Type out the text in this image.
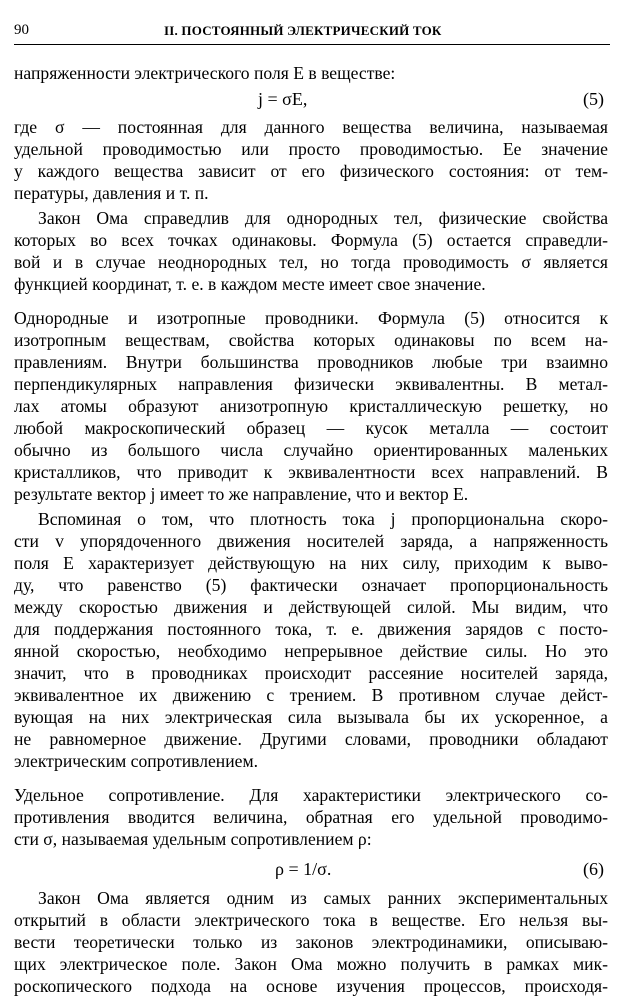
90	II. ПОСТОЯННЫЙ ЭЛЕКТРИЧЕСКИЙ ТОК
напряженности электрического поля E в веществе:
j = σE,	(5)
где σ — постоянная для данного вещества величина, называемая
удельной проводимостью или просто проводимостью. Ее значение
у каждого вещества зависит от его физического состояния: от тем-
пературы, давления и т. п.
Закон Ома справедлив для однородных тел, физические свойства
которых во всех точках одинаковы. Формула (5) остается справедли-
вой и в случае неоднородных тел, но тогда проводимость σ является
функцией координат, т. е. в каждом месте имеет свое значение.
Однородные и изотропные проводники. Формула (5) относится к
изотропным веществам, свойства которых одинаковы по всем на-
правлениям. Внутри большинства проводников любые три взаимно
перпендикулярных направления физически эквивалентны. В метал-
лах атомы образуют анизотропную кристаллическую решетку, но
любой макроскопический образец — кусок металла — состоит
обычно из большого числа случайно ориентированных маленьких
кристалликов, что приводит к эквивалентности всех направлений. В
результате вектор j имеет то же направление, что и вектор E.
Вспоминая о том, что плотность тока j пропорциональна скоро-
сти v упорядоченного движения носителей заряда, а напряженность
поля E характеризует действующую на них силу, приходим к выво-
ду, что равенство (5) фактически означает пропорциональность
между скоростью движения и действующей силой. Мы видим, что
для поддержания постоянного тока, т. е. движения зарядов с посто-
янной скоростью, необходимо непрерывное действие силы. Но это
значит, что в проводниках происходит рассеяние носителей заряда,
эквивалентное их движению с трением. В противном случае дейст-
вующая на них электрическая сила вызывала бы их ускоренное, а
не равномерное движение. Другими словами, проводники обладают
электрическим сопротивлением.
Удельное сопротивление. Для характеристики электрического со-
противления вводится величина, обратная его удельной проводимо-
сти σ, называемая удельным сопротивлением ρ:
ρ = 1/σ.	(6)
Закон Ома является одним из самых ранних экспериментальных
открытий в области электрического тока в веществе. Его нельзя вы-
вести теоретически только из законов электродинамики, описываю-
щих электрическое поле. Закон Ома можно получить в рамках мик-
роскопического подхода на основе изучения процессов, происходя-
